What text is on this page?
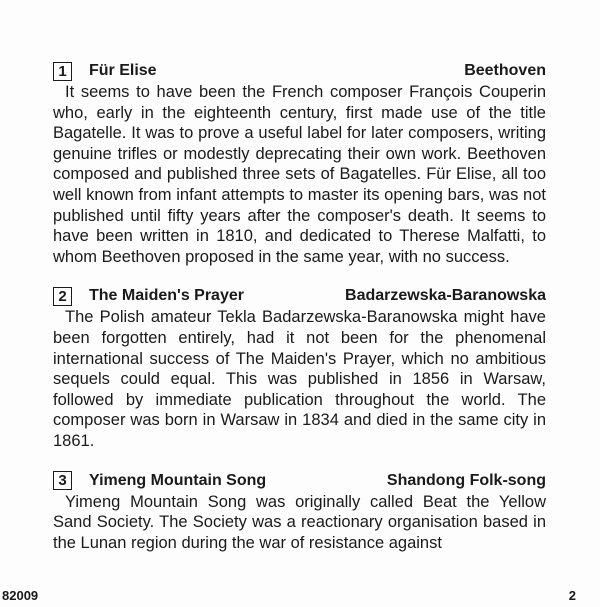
1	Für Elise	Beethoven

It seems to have been the French composer François Couperin who, early in the eighteenth century, first made use of the title Bagatelle. It was to prove a useful label for later composers, writing genuine trifles or modestly deprecating their own work. Beethoven composed and published three sets of Bagatelles. Für Elise, all too well known from infant attempts to master its opening bars, was not published until fifty years after the composer's death. It seems to have been written in 1810, and dedicated to Therese Malfatti, to whom Beethoven proposed in the same year, with no success.

2	The Maiden's Prayer	Badarzewska-Baranowska

The Polish amateur Tekla Badarzewska-Baranowska might have been forgotten entirely, had it not been for the phenomenal international success of The Maiden's Prayer, which no ambitious sequels could equal. This was published in 1856 in Warsaw, followed by immediate publication throughout the world. The composer was born in Warsaw in 1834 and died in the same city in 1861.

3	Yimeng Mountain Song	Shandong Folk-song

Yimeng Mountain Song was originally called Beat the Yellow Sand Society. The Society was a reactionary organisation based in the Lunan region during the war of resistance against

82009	2
